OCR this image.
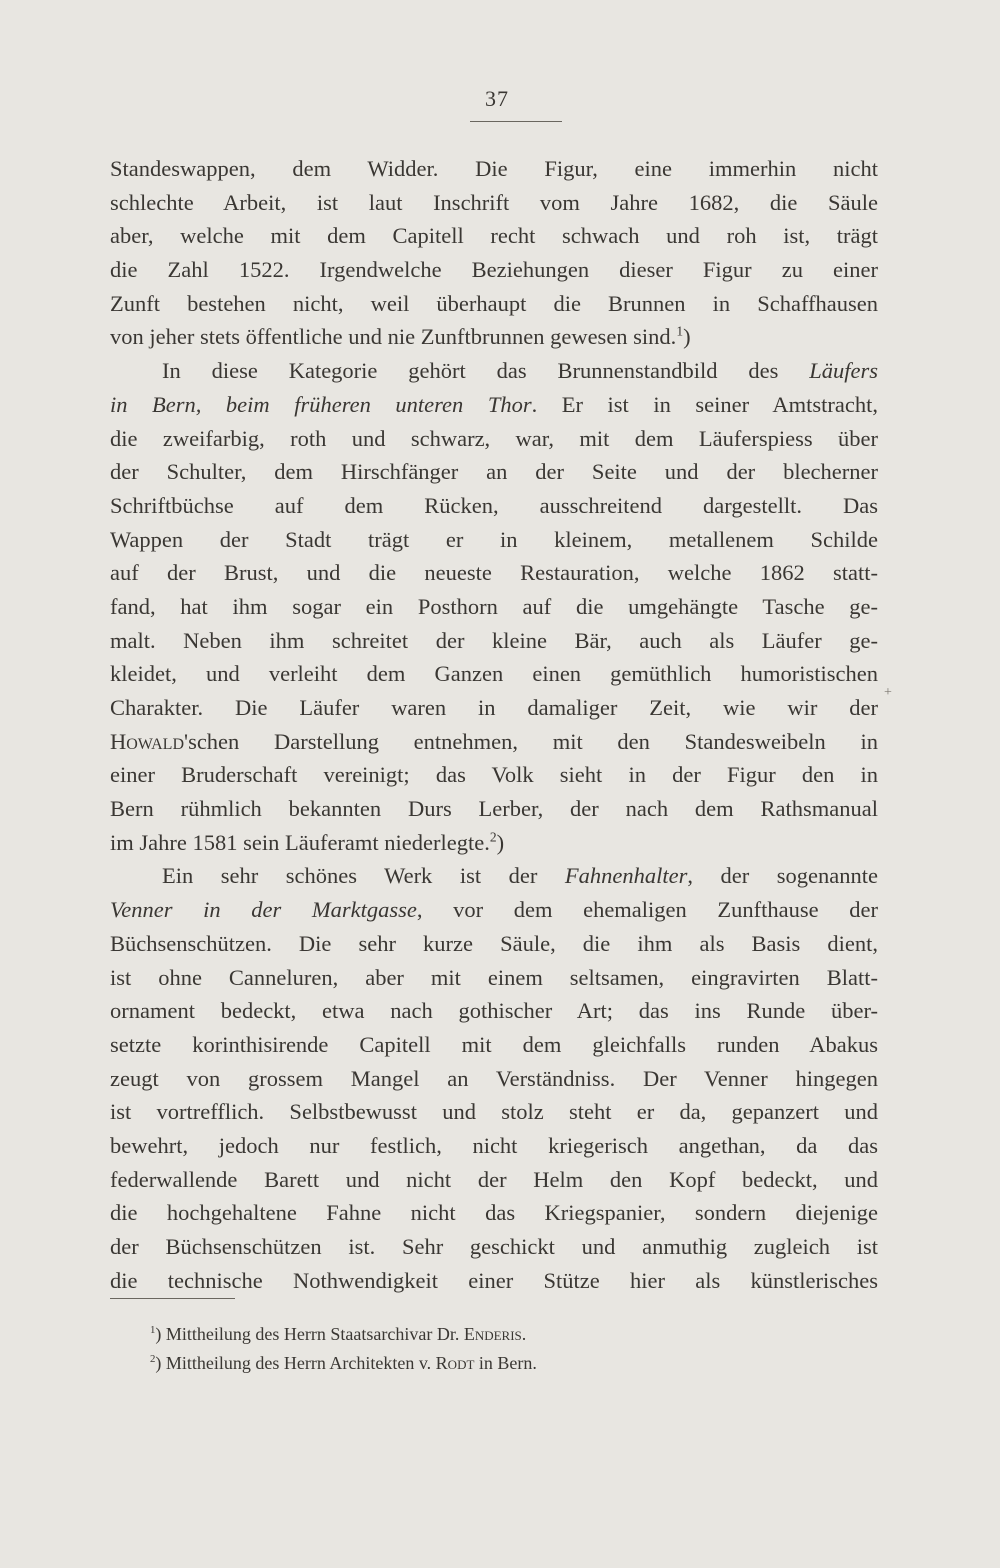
37
Standeswappen, dem Widder. Die Figur, eine immerhin nicht
schlechte Arbeit, ist laut Inschrift vom Jahre 1682, die Säule
aber, welche mit dem Capitell recht schwach und roh ist, trägt
die Zahl 1522. Irgendwelche Beziehungen dieser Figur zu einer
Zunft bestehen nicht, weil überhaupt die Brunnen in Schaffhausen
von jeher stets öffentliche und nie Zunftbrunnen gewesen sind.$^1$)
In diese Kategorie gehört das Brunnenstandbild des Läufers
in Bern, beim früheren unteren Thor. Er ist in seiner Amtstracht,
die zweifarbig, roth und schwarz, war, mit dem Läuferspiess über
der Schulter, dem Hirschfänger an der Seite und der blecherner
Schriftbüchse auf dem Rücken, ausschreitend dargestellt. Das
Wappen der Stadt trägt er in kleinem, metallenem Schilde
auf der Brust, und die neueste Restauration, welche 1862 statt-
fand, hat ihm sogar ein Posthorn auf die umgehängte Tasche ge-
malt. Neben ihm schreitet der kleine Bär, auch als Läufer ge-
kleidet, und verleiht dem Ganzen einen gemüthlich humoristischen
Charakter. Die Läufer waren in damaliger Zeit, wie wir der
Howald'schen Darstellung entnehmen, mit den Standesweibeln in
einer Bruderschaft vereinigt; das Volk sieht in der Figur den in
Bern rühmlich bekannten Durs Lerber, der nach dem Rathsmanual
im Jahre 1581 sein Läuferamt niederlegte.$^2$)
Ein sehr schönes Werk ist der Fahnenhalter, der sogenannte
Venner in der Marktgasse, vor dem ehemaligen Zunfthause der
Büchsenschützen. Die sehr kurze Säule, die ihm als Basis dient,
ist ohne Canneluren, aber mit einem seltsamen, eingravirten Blatt-
ornament bedeckt, etwa nach gothischer Art; das ins Runde über-
setzte korinthisirende Capitell mit dem gleichfalls runden Abakus
zeugt von grossem Mangel an Verständniss. Der Venner hingegen
ist vortrefflich. Selbstbewusst und stolz steht er da, gepanzert und
bewehrt, jedoch nur festlich, nicht kriegerisch angethan, da das
federwallende Barett und nicht der Helm den Kopf bedeckt, und
die hochgehaltene Fahne nicht das Kriegspanier, sondern diejenige
der Büchsenschützen ist. Sehr geschickt und anmuthig zugleich ist
die technische Nothwendigkeit einer Stütze hier als künstlerisches
+
$^1$) Mittheilung des Herrn Staatsarchivar Dr. Enderis.
$^2$) Mittheilung des Herrn Architekten v. Rodt in Bern.
